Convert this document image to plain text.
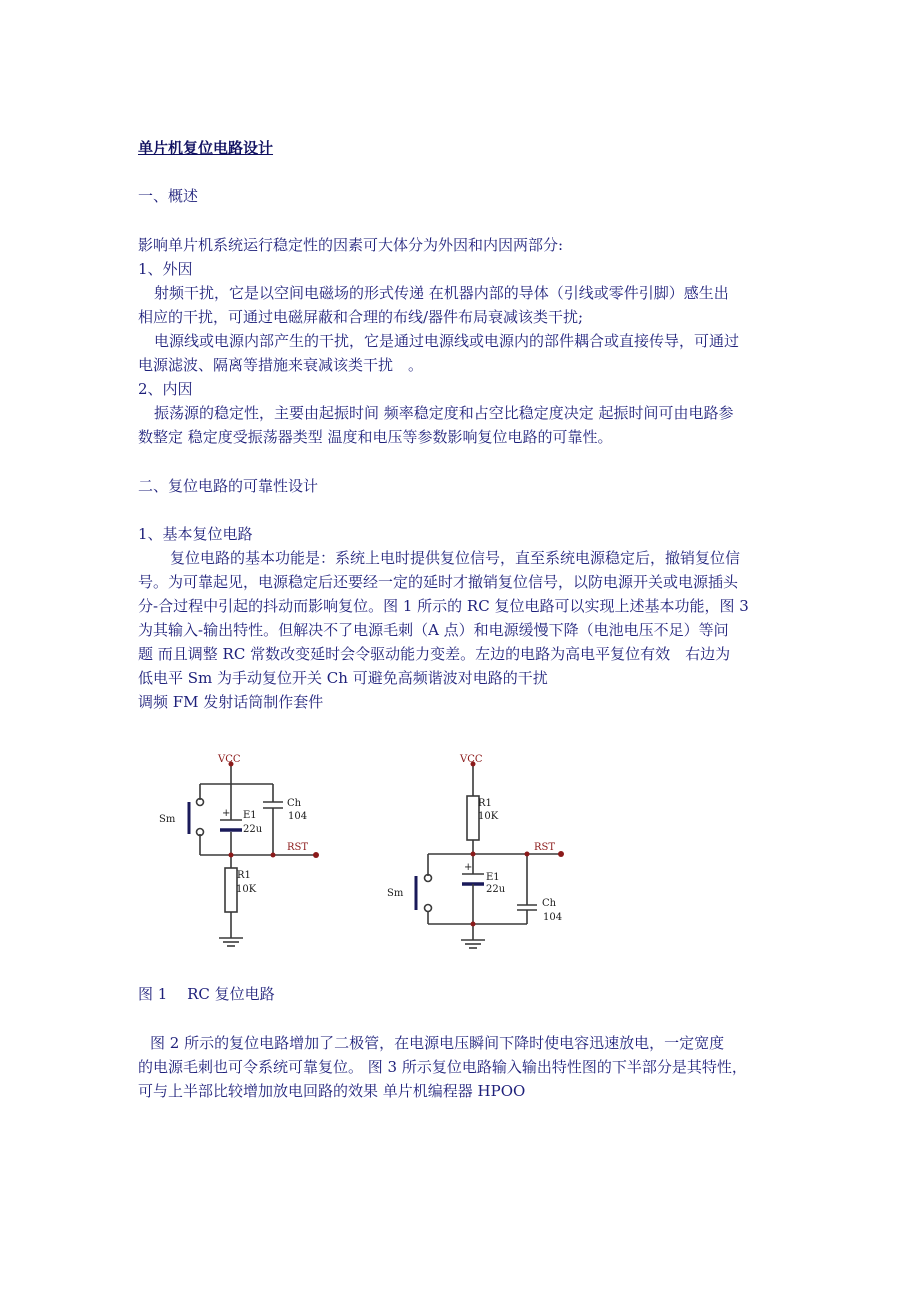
单片机复位电路设计
一、概述
影响单片机系统运行稳定性的因素可大体分为外因和内因两部分:
1、外因
射频干扰，它是以空间电磁场的形式传递 在机器内部的导体（引线或零件引脚）感生出
相应的干扰，可通过电磁屏蔽和合理的布线/器件布局衰减该类干扰;
电源线或电源内部产生的干扰，它是通过电源线或电源内的部件耦合或直接传导，可通过
电源滤波、隔离等措施来衰减该类干扰　。
2、内因
振荡源的稳定性，主要由起振时间 频率稳定度和占空比稳定度决定 起振时间可由电路参
数整定 稳定度受振荡器类型 温度和电压等参数影响复位电路的可靠性。
二、复位电路的可靠性设计
1、基本复位电路
复位电路的基本功能是：系统上电时提供复位信号，直至系统电源稳定后，撤销复位信
号。为可靠起见，电源稳定后还要经一定的延时才撤销复位信号，以防电源开关或电源插头
分-合过程中引起的抖动而影响复位。图 1 所示的 RC 复位电路可以实现上述基本功能，图 3
为其输入-输出特性。但解决不了电源毛刺（A 点）和电源缓慢下降（电池电压不足）等问
题 而且调整 RC 常数改变延时会令驱动能力变差。左边的电路为高电平复位有效　右边为
低电平 Sm 为手动复位开关 Ch 可避免高频谐波对电路的干扰
调频 FM 发射话筒制作套件
VCC
Ch
104
E1
22u
+
Sm
RST
R1
10K
VCC
R1
10K
RST
E1
22u
+
Sm
Ch
104
图 1　 RC 复位电路
图 2 所示的复位电路增加了二极管，在电源电压瞬间下降时使电容迅速放电，一定宽度
的电源毛刺也可令系统可靠复位。 图 3 所示复位电路输入输出特性图的下半部分是其特性，
可与上半部比较增加放电回路的效果 单片机编程器 HPOO
